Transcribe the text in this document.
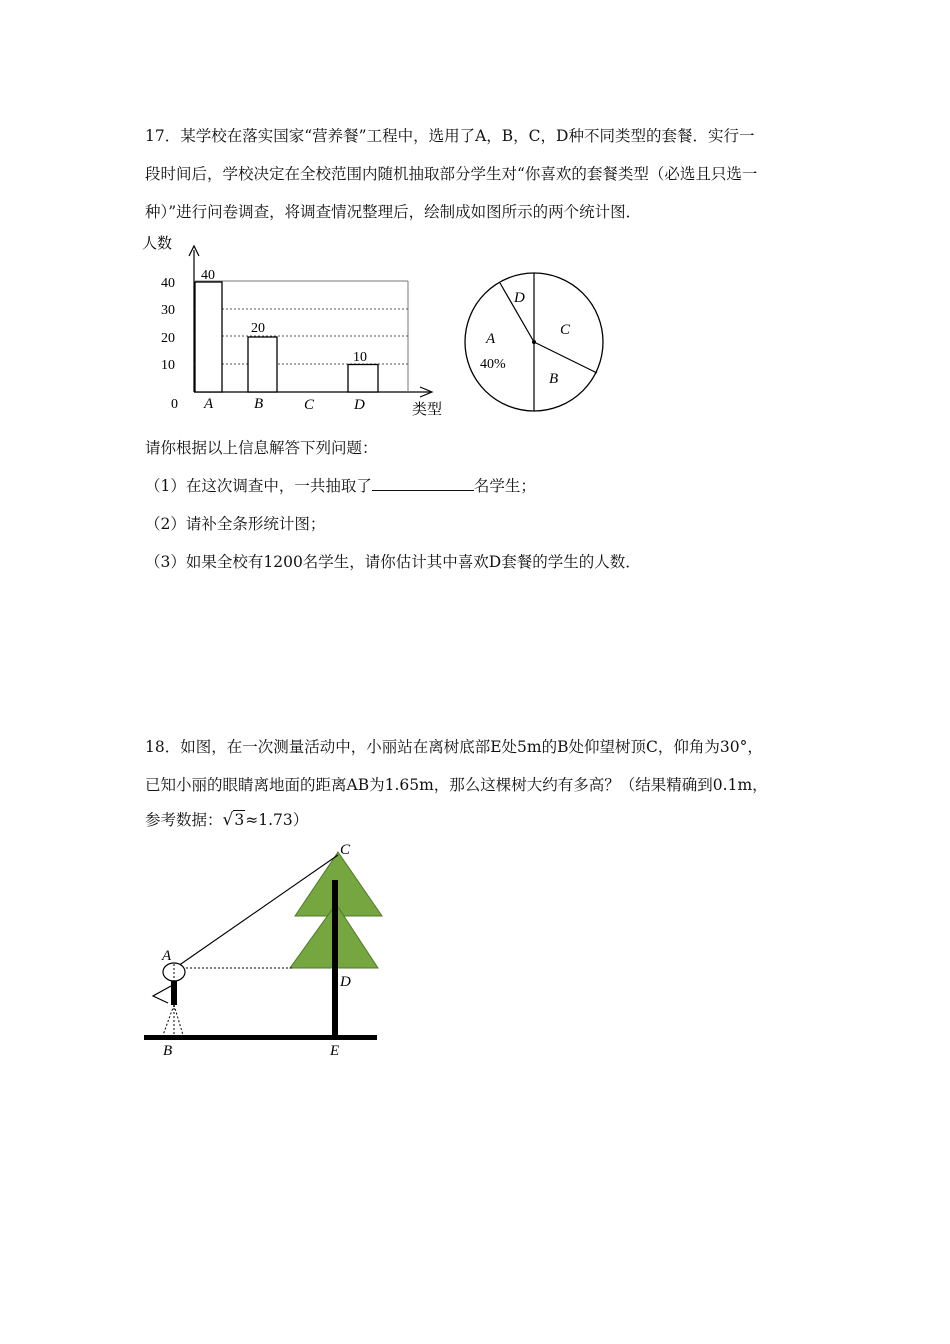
17．某学校在落实国家“营养餐”工程中，选用了A，B，C，D种不同类型的套餐．实行一
段时间后，学校决定在全校范围内随机抽取部分学生对“你喜欢的套餐类型（必选且只选一
种）”进行问卷调查，将调查情况整理后，绘制成如图所示的两个统计图．
人数
40
30
20
10
0
40
20
10
A	B	C	D	类型
D
C
B
A
40%
请你根据以上信息解答下列问题：
（1）在这次调查中，一共抽取了	名学生；
（2）请补全条形统计图；
（3）如果全校有1200名学生，请你估计其中喜欢D套餐的学生的人数．
18．如图，在一次测量活动中，小丽站在离树底部E处5m的B处仰望树顶C，仰角为30°，
已知小丽的眼睛离地面的距离AB为1.65m，那么这棵树大约有多高？（结果精确到0.1m，
参考数据：√3≈1.73）
C
A
D
B	E
